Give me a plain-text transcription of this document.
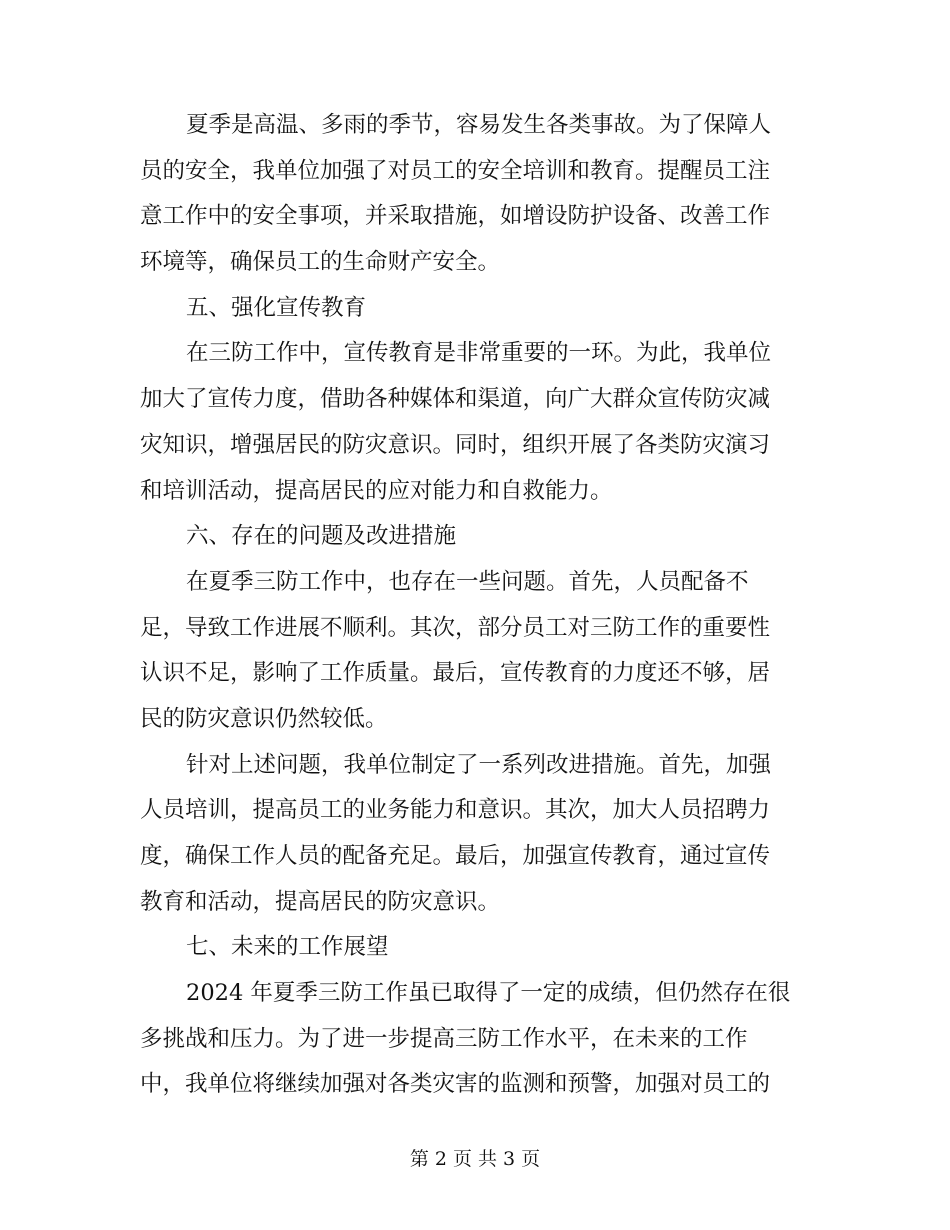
夏季是高温、多雨的季节，容易发生各类事故。为了保障人
员的安全，我单位加强了对员工的安全培训和教育。提醒员工注
意工作中的安全事项，并采取措施，如增设防护设备、改善工作
环境等，确保员工的生命财产安全。
五、强化宣传教育
在三防工作中，宣传教育是非常重要的一环。为此，我单位
加大了宣传力度，借助各种媒体和渠道，向广大群众宣传防灾减
灾知识，增强居民的防灾意识。同时，组织开展了各类防灾演习
和培训活动，提高居民的应对能力和自救能力。
六、存在的问题及改进措施
在夏季三防工作中，也存在一些问题。首先，人员配备不
足，导致工作进展不顺利。其次，部分员工对三防工作的重要性
认识不足，影响了工作质量。最后，宣传教育的力度还不够，居
民的防灾意识仍然较低。
针对上述问题，我单位制定了一系列改进措施。首先，加强
人员培训，提高员工的业务能力和意识。其次，加大人员招聘力
度，确保工作人员的配备充足。最后，加强宣传教育，通过宣传
教育和活动，提高居民的防灾意识。
七、未来的工作展望
2024 年夏季三防工作虽已取得了一定的成绩，但仍然存在很
多挑战和压力。为了进一步提高三防工作水平，在未来的工作
中，我单位将继续加强对各类灾害的监测和预警，加强对员工的
第 2 页 共 3 页
